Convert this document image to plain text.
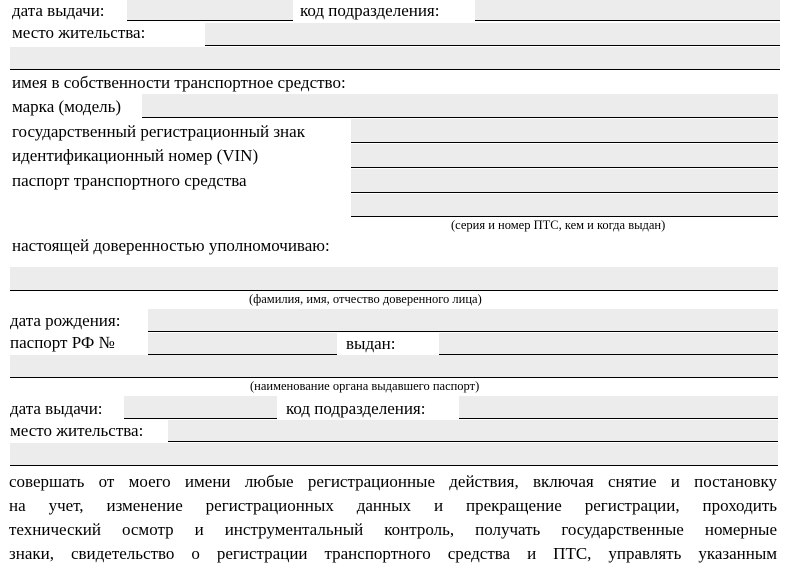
дата выдачи:	код подразделения:
место жительства:
имея в собственности транспортное средство:
марка (модель)
государственный регистрационный знак
идентификационный номер (VIN)
паспорт транспортного средства
(серия и номер ПТС, кем и когда выдан)
настоящей доверенностью уполномочиваю:
(фамилия, имя, отчество доверенного лица)
дата рождения:
паспорт РФ №	выдан:
(наименование органа выдавшего паспорт)
дата выдачи:	код подразделения:
место жительства:
совершать от моего имени любые регистрационные действия, включая снятие и постановку
на учет, изменение регистрационных данных и прекращение регистрации, проходить
технический осмотр и инструментальный контроль, получать государственные номерные
знаки, свидетельство о регистрации транспортного средства и ПТС, управлять указанным
